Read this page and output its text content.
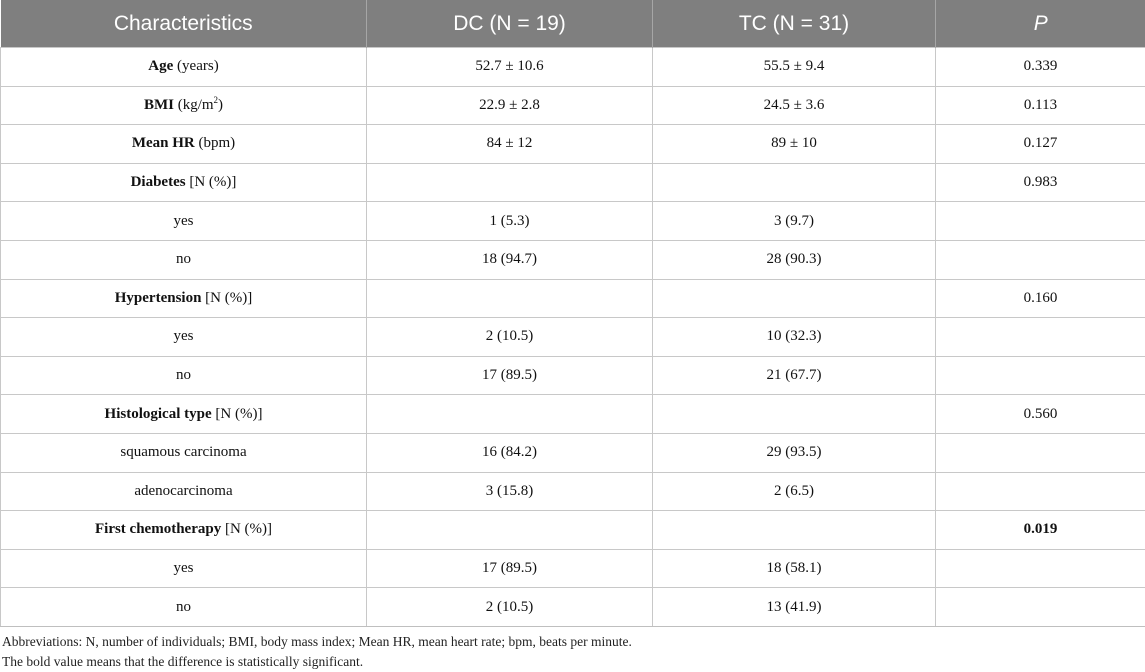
Characteristics	DC (N = 19)	TC (N = 31)	P
Age (years)	52.7 ± 10.6	55.5 ± 9.4	0.339
BMI $(kg/m^2)$	22.9 ± 2.8	24.5 ± 3.6	0.113
Mean HR (bpm)	84 ± 12	89 ± 10	0.127
Diabetes [N (%)]			0.983
yes	1 (5.3)	3 (9.7)	
no	18 (94.7)	28 (90.3)	
Hypertension [N (%)]			0.160
yes	2 (10.5)	10 (32.3)	
no	17 (89.5)	21 (67.7)	
Histological type [N (%)]			0.560
squamous carcinoma	16 (84.2)	29 (93.5)	
adenocarcinoma	3 (15.8)	2 (6.5)	
First chemotherapy [N (%)]			0.019
yes	17 (89.5)	18 (58.1)	
no	2 (10.5)	13 (41.9)	
Abbreviations: N, number of individuals; BMI, body mass index; Mean HR, mean heart rate; bpm, beats per minute.
The bold value means that the difference is statistically significant.
